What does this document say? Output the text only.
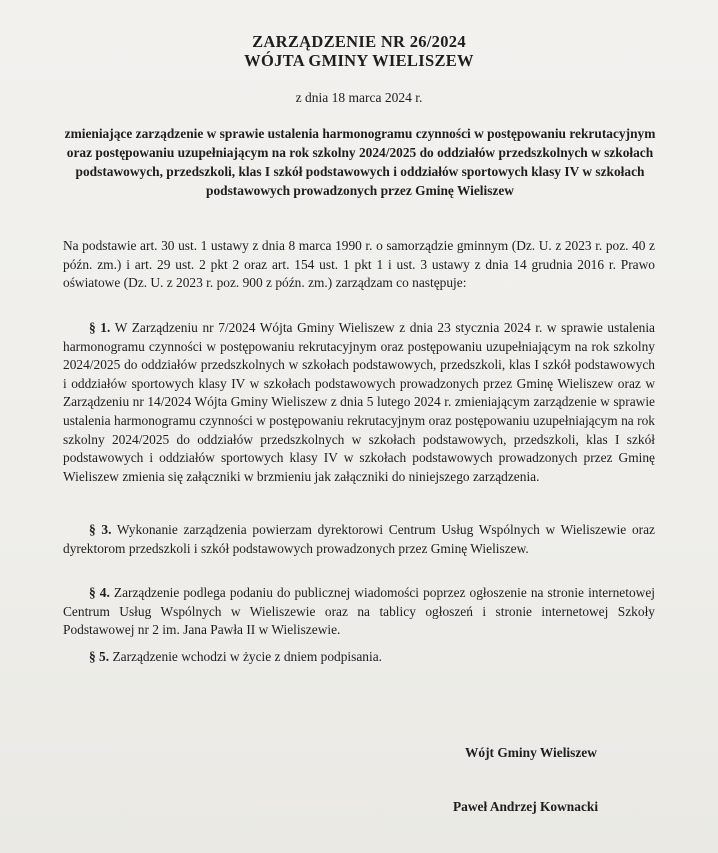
ZARZĄDZENIE NR 26/2024
WÓJTA GMINY WIELISZEW
z dnia 18 marca 2024 r.
zmieniające zarządzenie w sprawie ustalenia harmonogramu czynności w postępowaniu rekrutacyjnym oraz postępowaniu uzupełniającym na rok szkolny 2024/2025 do oddziałów przedszkolnych w szkołach podstawowych, przedszkoli, klas I szkół podstawowych i oddziałów sportowych klasy IV w szkołach podstawowych prowadzonych przez Gminę Wieliszew
Na podstawie art. 30 ust. 1 ustawy z dnia 8 marca 1990 r. o samorządzie gminnym (Dz. U. z 2023 r. poz. 40 z późn. zm.) i art. 29 ust. 2 pkt 2 oraz art. 154 ust. 1 pkt 1 i ust. 3 ustawy z dnia 14 grudnia 2016 r. Prawo oświatowe (Dz. U. z 2023 r. poz. 900 z późn. zm.) zarządzam co następuje:
§ 1. W Zarządzeniu nr 7/2024 Wójta Gminy Wieliszew z dnia 23 stycznia 2024 r. w sprawie ustalenia harmonogramu czynności w postępowaniu rekrutacyjnym oraz postępowaniu uzupełniającym na rok szkolny 2024/2025 do oddziałów przedszkolnych w szkołach podstawowych, przedszkoli, klas I szkół podstawowych i oddziałów sportowych klasy IV w szkołach podstawowych prowadzonych przez Gminę Wieliszew oraz w Zarządzeniu nr 14/2024 Wójta Gminy Wieliszew z dnia 5 lutego 2024 r. zmieniającym zarządzenie w sprawie ustalenia harmonogramu czynności w postępowaniu rekrutacyjnym oraz postępowaniu uzupełniającym na rok szkolny 2024/2025 do oddziałów przedszkolnych w szkołach podstawowych, przedszkoli, klas I szkół podstawowych i oddziałów sportowych klasy IV w szkołach podstawowych prowadzonych przez Gminę Wieliszew zmienia się załączniki w brzmieniu jak załączniki do niniejszego zarządzenia.
§ 3. Wykonanie zarządzenia powierzam dyrektorowi Centrum Usług Wspólnych w Wieliszewie oraz dyrektorom przedszkoli i szkół podstawowych prowadzonych przez Gminę Wieliszew.
§ 4. Zarządzenie podlega podaniu do publicznej wiadomości poprzez ogłoszenie na stronie internetowej Centrum Usług Wspólnych w Wieliszewie oraz na tablicy ogłoszeń i stronie internetowej Szkoły Podstawowej nr 2 im. Jana Pawła II w Wieliszewie.
§ 5. Zarządzenie wchodzi w życie z dniem podpisania.
Wójt Gminy Wieliszew
Paweł Andrzej Kownacki
